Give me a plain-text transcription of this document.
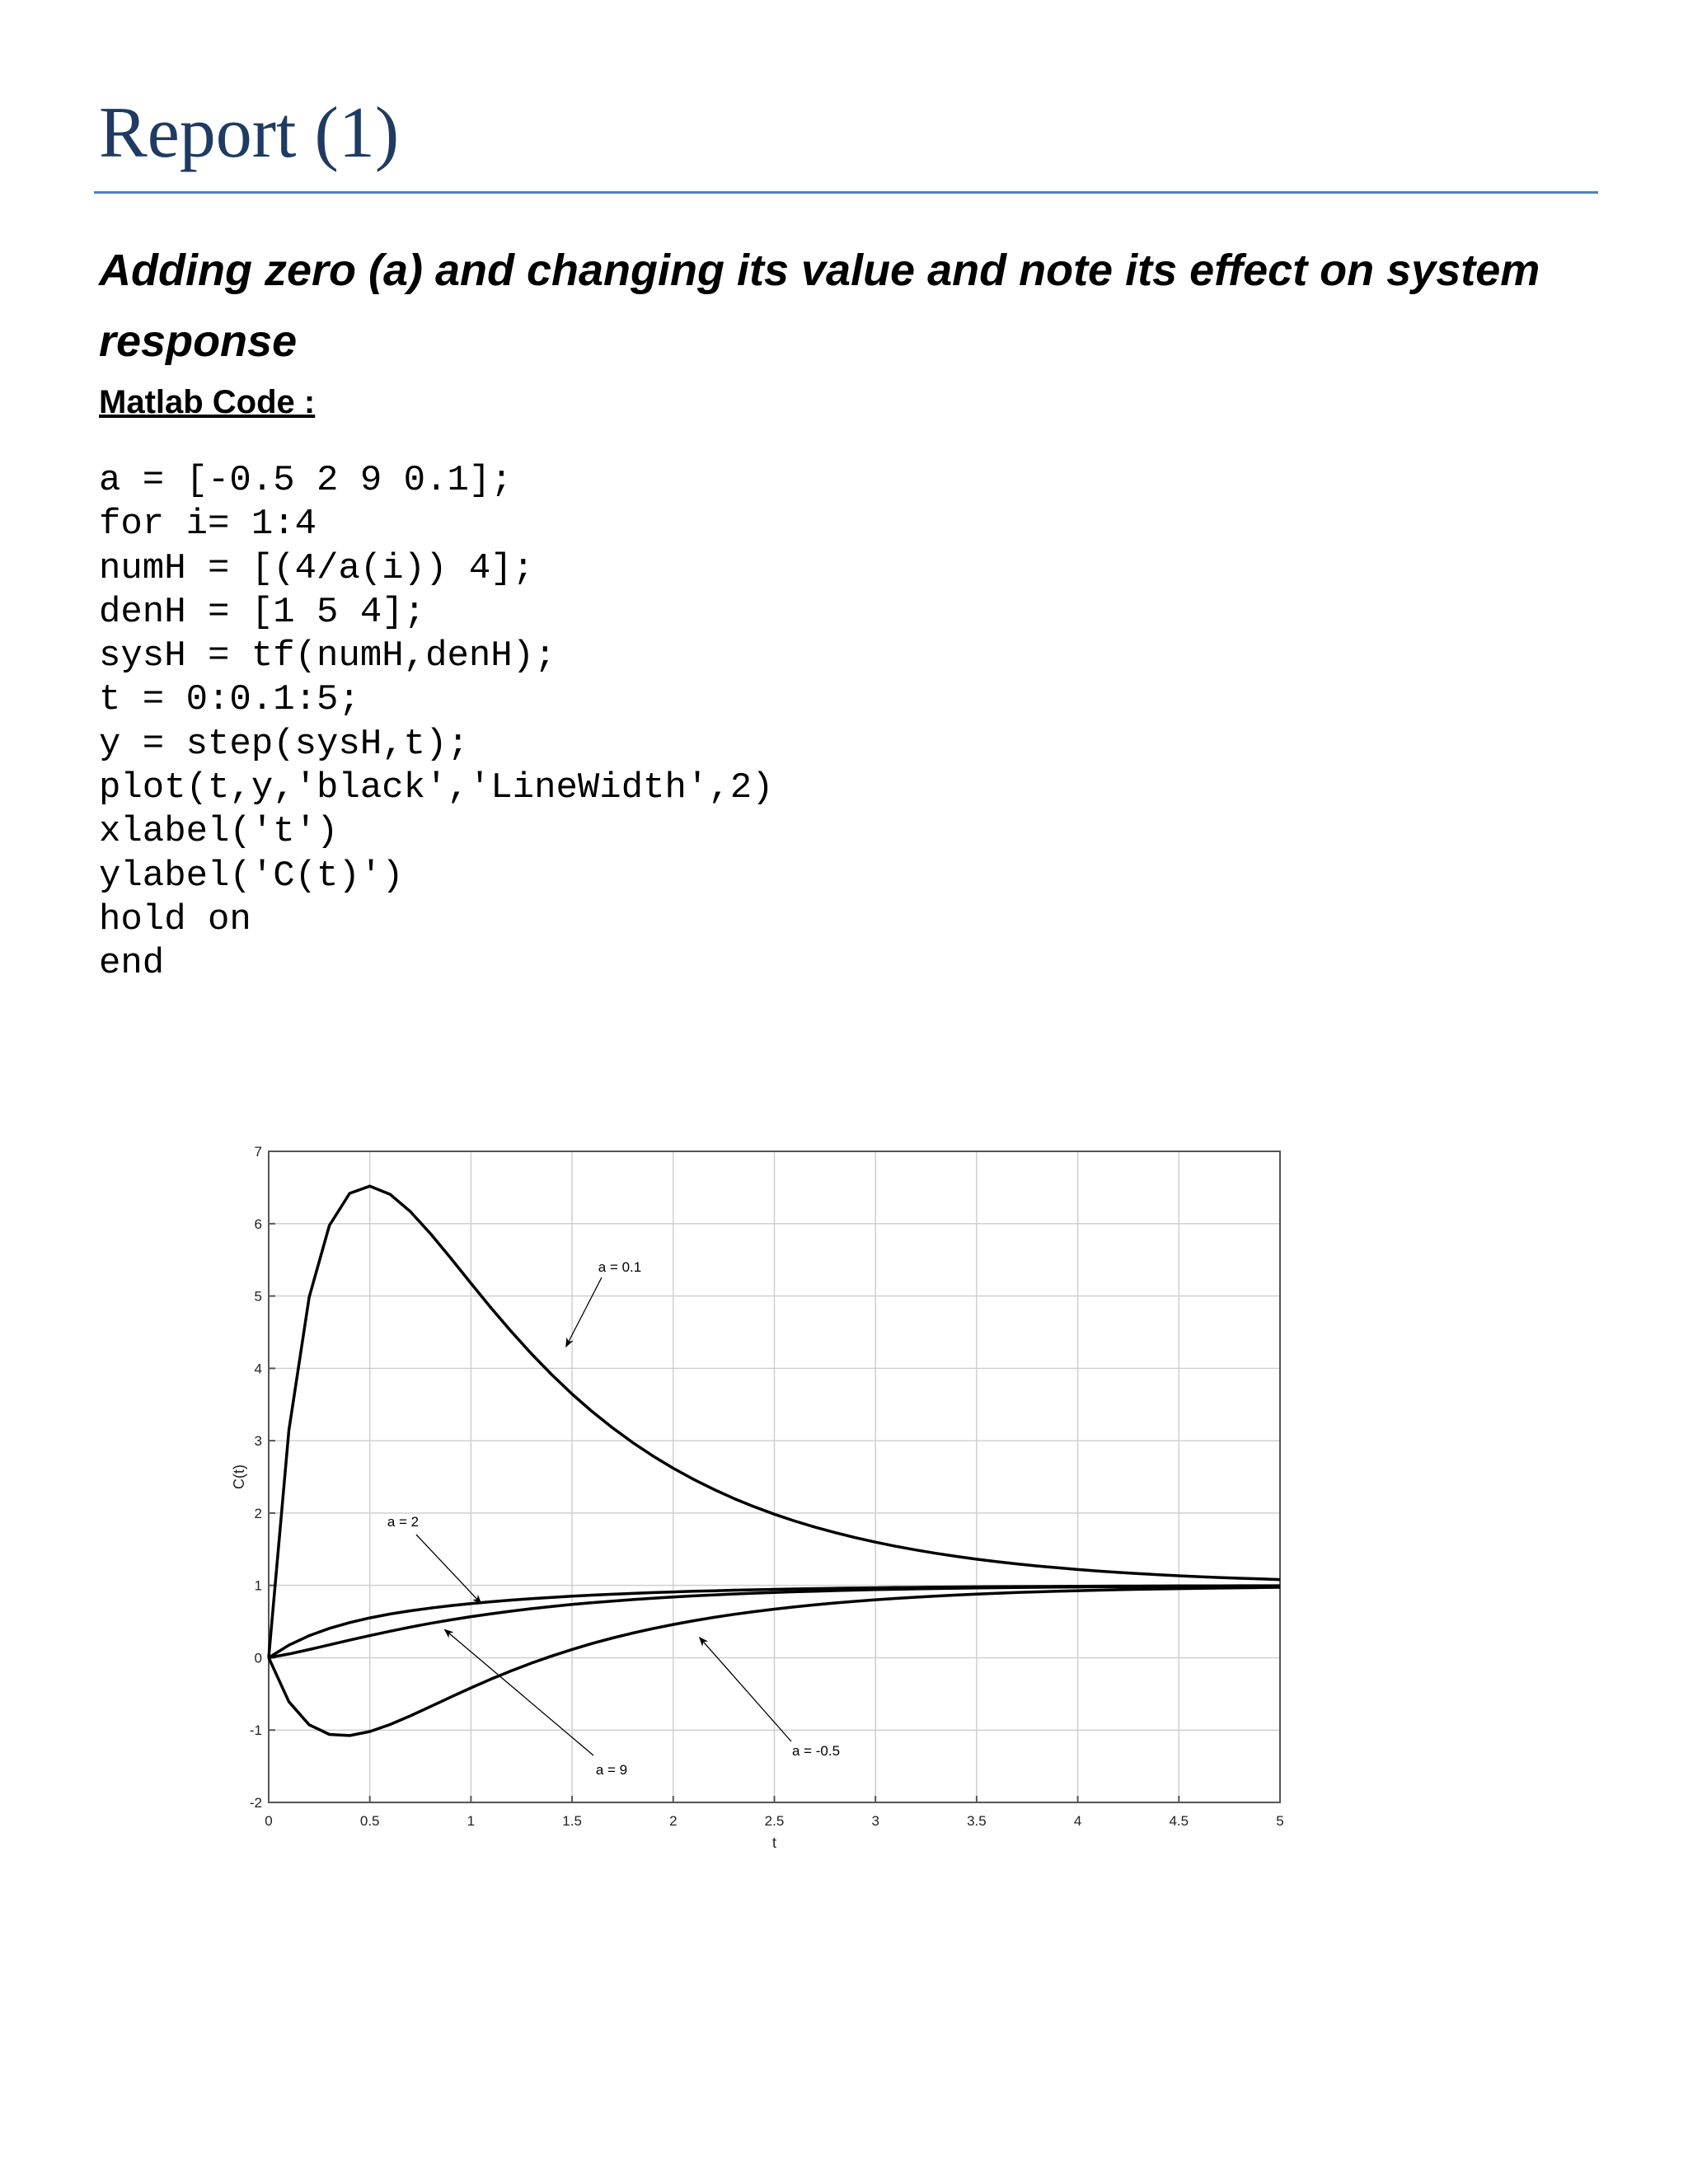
Report (1)
Adding zero (a) and changing its value and note its effect on system response
Matlab Code :
a = [-0.5 2 9 0.1];
for i= 1:4
numH = [(4/a(i)) 4];
denH = [1 5 4];
sysH = tf(numH,denH);
t = 0:0.1:5;
y = step(sysH,t);
plot(t,y,'black','LineWidth',2)
xlabel('t')
ylabel('C(t)')
hold on
end
0	0.5	1	1.5	2	2.5	3	3.5	4	4.5	5
-2
-1
0
1
2
3
4
5
6
7
t
C(t)
a = 0.1
a = 2
a = 9
a = -0.5
